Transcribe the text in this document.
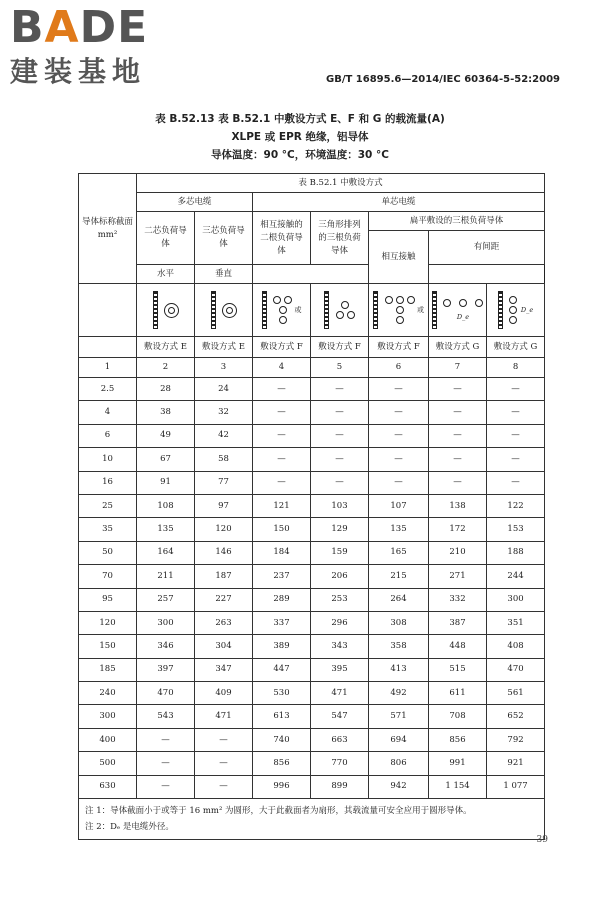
BADE
建装基地	GB/T 16895.6—2014/IEC 60364-5-52:2009
表 B.52.13 表 B.52.1 中敷设方式 E、F 和 G 的载流量(A)
XLPE 或 EPR 绝缘，铝导体
导体温度：90 °C，环境温度：30 °C
导体标称截面 mm²	表 B.52.1 中敷设方式						
	多芯电缆		单芯电缆				
	二芯负荷导体	三芯负荷导体	相互接触的二根负荷导体	三角形排列的三根负荷导体	扁平敷设的三根负荷导体		
					相互接触	有间距	
	水平	垂直					

			或		或	D_e	D_e

	敷设方式 E	敷设方式 E	敷设方式 F	敷设方式 F	敷设方式 F	敷设方式 G	敷设方式 G
1	2	3	4	5	6	7	8
2.5	28	24	—	—	—	—	—
4	38	32	—	—	—	—	—
6	49	42	—	—	—	—	—
10	67	58	—	—	—	—	—
16	91	77	—	—	—	—	—
25	108	97	121	103	107	138	122
35	135	120	150	129	135	172	153
50	164	146	184	159	165	210	188
70	211	187	237	206	215	271	244
95	257	227	289	253	264	332	300
120	300	263	337	296	308	387	351
150	346	304	389	343	358	448	408
185	397	347	447	395	413	515	470
240	470	409	530	471	492	611	561
300	543	471	613	547	571	708	652
400	—	—	740	663	694	856	792
500	—	—	856	770	806	991	921
630	—	—	996	899	942	1 154	1 077

注 1：导体截面小于或等于 16 mm² 为圆形，大于此截面者为扇形，其载流量可安全应用于圆形导体。
注 2：Dₑ 是电缆外径。							
39
